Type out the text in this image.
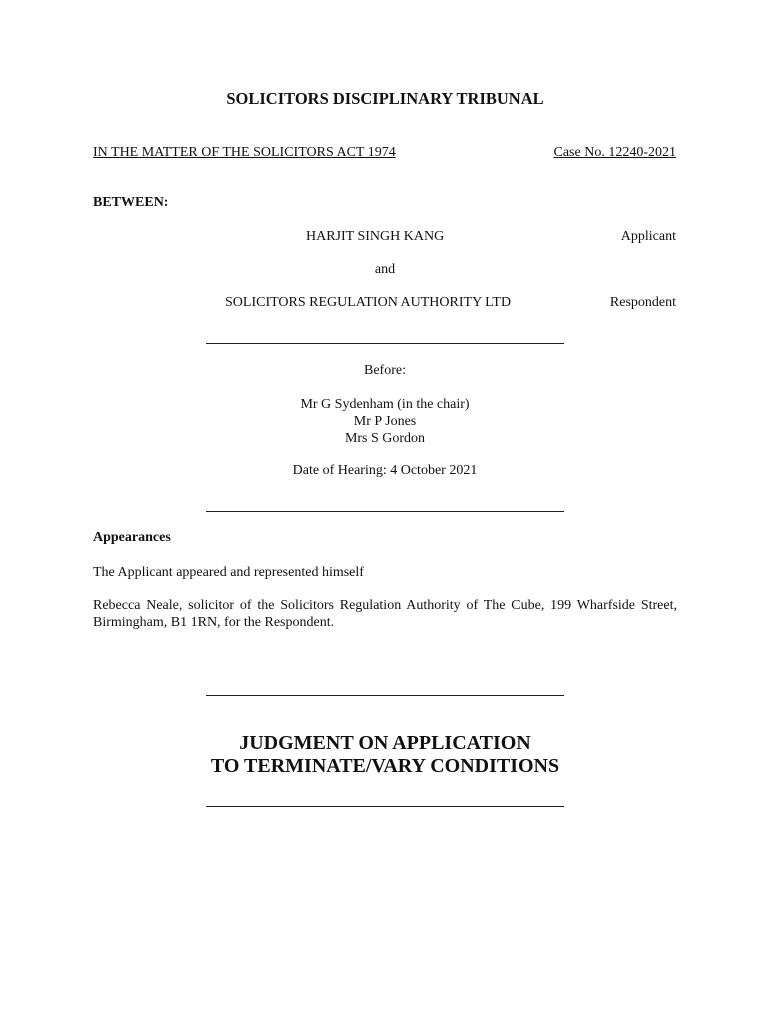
SOLICITORS DISCIPLINARY TRIBUNAL
IN THE MATTER OF THE SOLICITORS ACT 1974	Case No. 12240-2021
BETWEEN:
HARJIT SINGH KANG	Applicant
and
SOLICITORS REGULATION AUTHORITY LTD	Respondent
Before:
Mr G Sydenham (in the chair)
Mr P Jones
Mrs S Gordon
Date of Hearing: 4 October 2021
Appearances
The Applicant appeared and represented himself
Rebecca Neale, solicitor of the Solicitors Regulation Authority of The Cube, 199 Wharfside Street, Birmingham, B1 1RN, for the Respondent.
JUDGMENT ON APPLICATION
TO TERMINATE/VARY CONDITIONS
